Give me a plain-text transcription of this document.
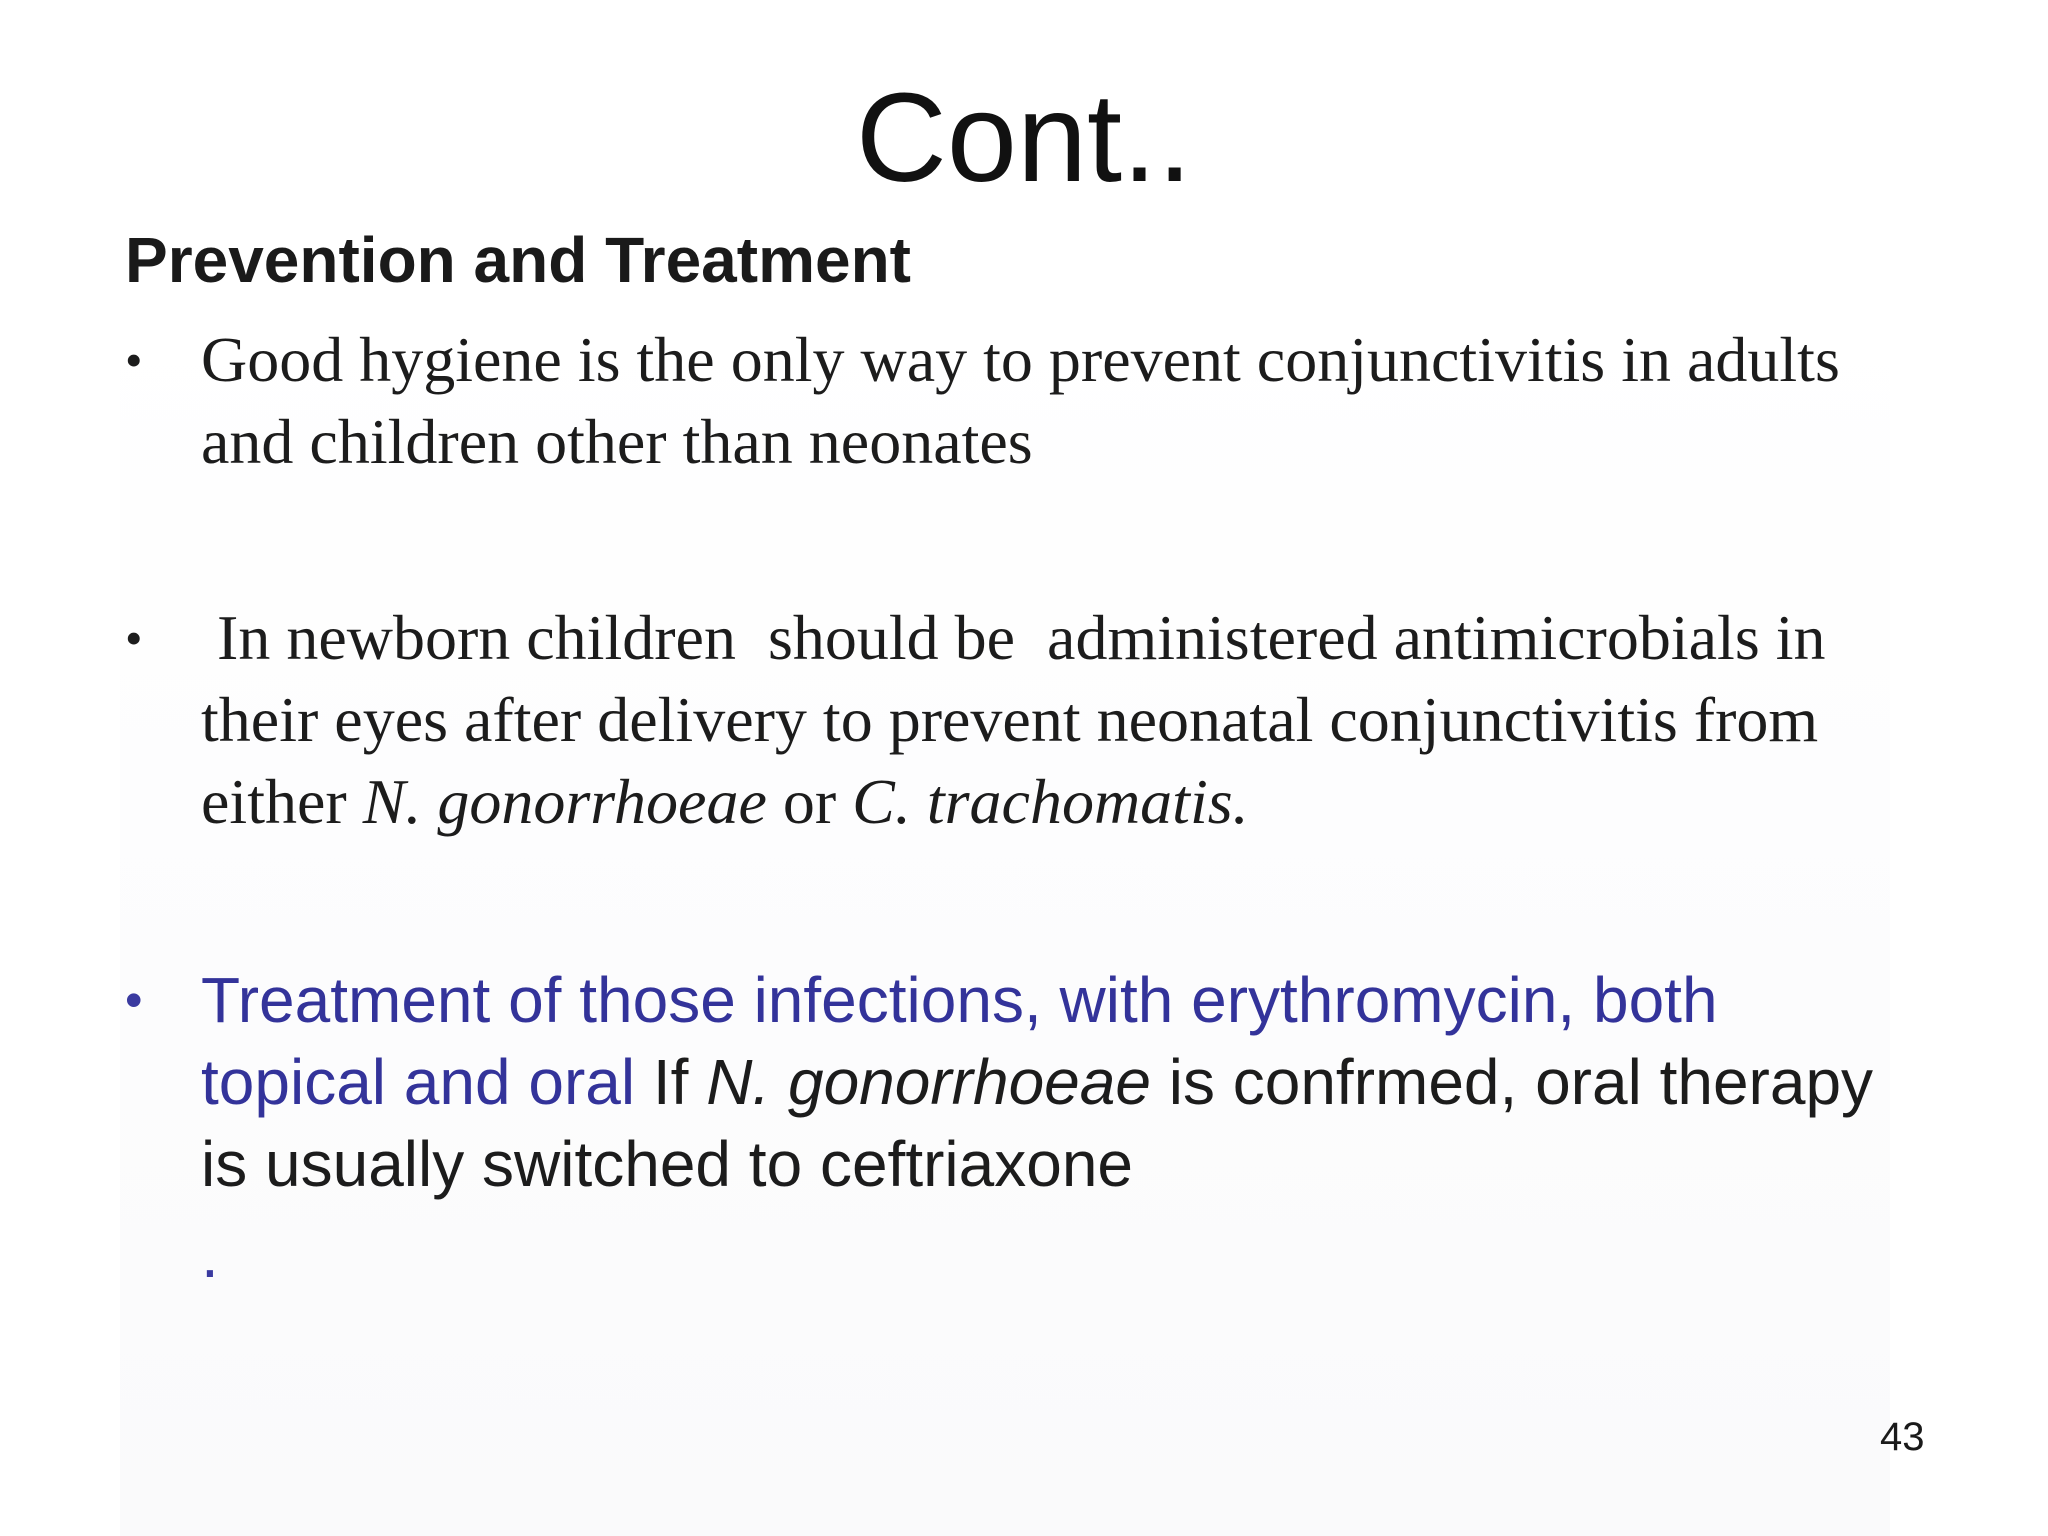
Cont..
Prevention and Treatment
• Good hygiene is the only way to prevent conjunctivitis in adults and children other than neonates
• In newborn children  should be  administered antimicrobials in their eyes after delivery to prevent neonatal conjunctivitis from either N. gonorrhoeae or C. trachomatis.
• Treatment of those infections, with erythromycin, both topical and oral If N. gonorrhoeae is confrmed, oral therapy is usually switched to ceftriaxone
.
43
